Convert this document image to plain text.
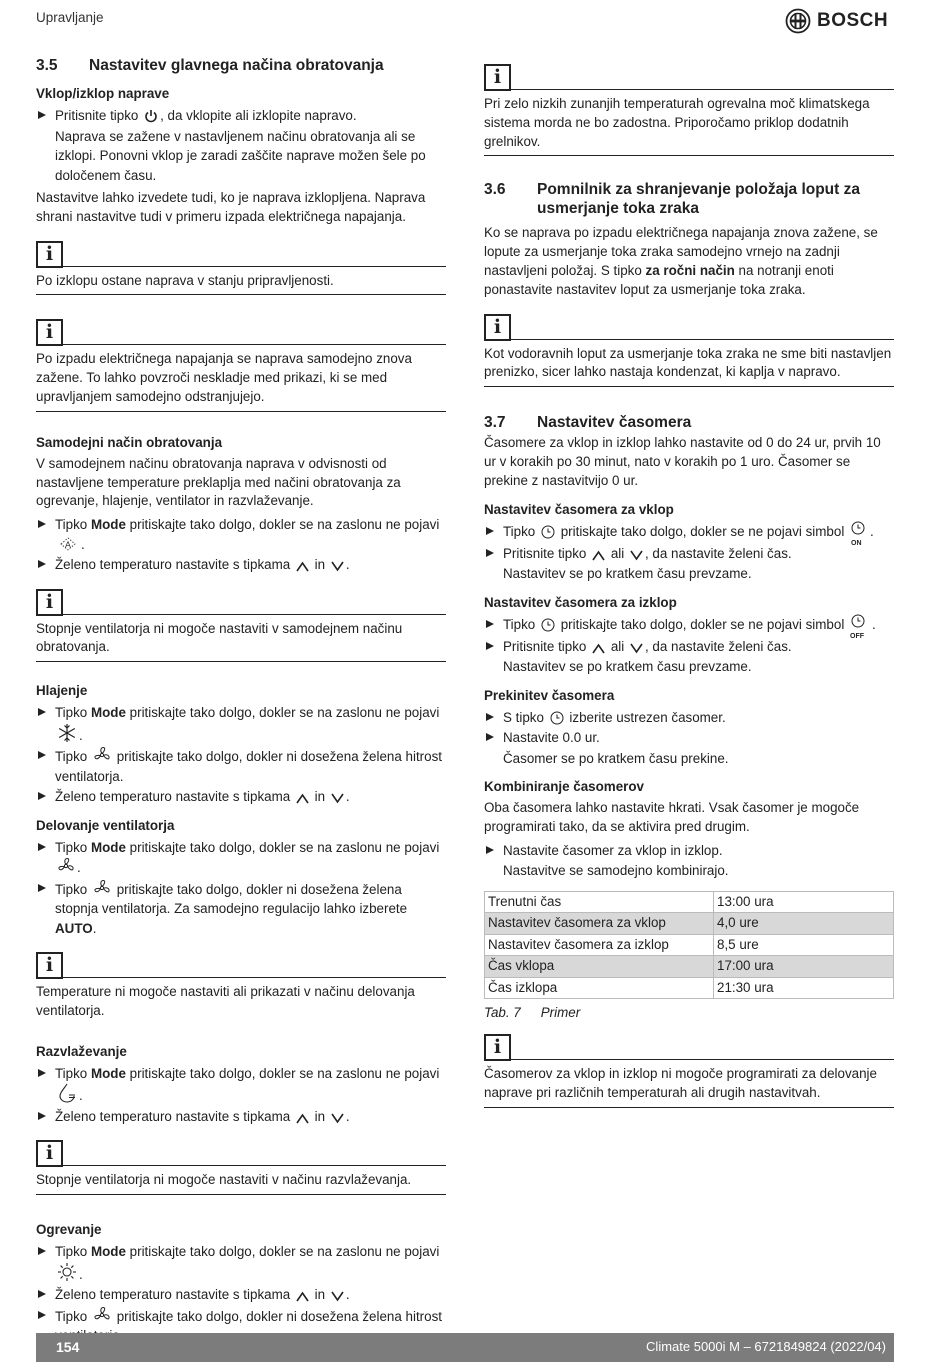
Upravljanje	BOSCH
3.5	Nastavitev glavnega načina obratovanja
Vklop/izklop naprave
Pritisnite tipko , da vklopite ali izklopite napravo.
Naprava se zažene v nastavljenem načinu obratovanja ali se izklopi. Ponovni vklop je zaradi zaščite naprave možen šele po določenem času.

Nastavitve lahko izvedete tudi, ko je naprava izklopljena. Naprava shrani nastavitve tudi v primeru izpada električnega napajanja.

i
Po izklopu ostane naprava v stanju pripravljenosti.
i
Po izpadu električnega napajanja se naprava samodejno znova zažene. To lahko povzroči neskladje med prikazi, ki se med upravljanjem samodejno odstranjujejo.
Samodejni način obratovanja

V samodejnem načinu obratovanja naprava v odvisnosti od nastavljene temperature preklaplja med načini obratovanja za ogrevanje, hlajenje, ventilator in razvlaževanje.

Tipko Mode pritiskajte tako dolgo, dokler se na zaslonu ne pojavi

A .
Želeno temperaturo nastavite s tipkama in .
i
Stopnje ventilatorja ni mogoče nastaviti v samodejnem načinu obratovanja.
Hlajenje
Tipko Mode pritiskajte tako dolgo, dokler se na zaslonu ne pojavi .
Tipko pritiskajte tako dolgo, dokler ni dosežena želena hitrost ventilatorja.
Želeno temperaturo nastavite s tipkama in .
Delovanje ventilatorja
Tipko Mode pritiskajte tako dolgo, dokler se na zaslonu ne pojavi .
Tipko pritiskajte tako dolgo, dokler ni dosežena želena stopnja ventilatorja. Za samodejno regulacijo lahko izberete AUTO.
i
Temperature ni mogoče nastaviti ali prikazati v načinu delovanja ventilatorja.
Razvlaževanje
Tipko Mode pritiskajte tako dolgo, dokler se na zaslonu ne pojavi .
Želeno temperaturo nastavite s tipkama in .
i
Stopnje ventilatorja ni mogoče nastaviti v načinu razvlaževanja.
Ogrevanje
Tipko Mode pritiskajte tako dolgo, dokler se na zaslonu ne pojavi .
Želeno temperaturo nastavite s tipkama in .
Tipko pritiskajte tako dolgo, dokler ni dosežena želena hitrost
i
Pri zelo nizkih zunanjih temperaturah ogrevalna moč klimatskega sistema morda ne bo zadostna. Priporočamo priklop dodatnih grelnikov.
3.6	Pomnilnik za shranjevanje položaja loput za usmerjanje toka zraka

Ko se naprava po izpadu električnega napajanja znova zažene, se lopute za usmerjanje toka zraka samodejno vrnejo na zadnji nastavljeni položaj. S tipko za ročni način na notranji enoti ponastavite nastavitev loput za usmerjanje toka zraka.

i
Kot vodoravnih loput za usmerjanje toka zraka ne sme biti nastavljen prenizko, sicer lahko nastaja kondenzat, ki kaplja v napravo.
3.7	Nastavitev časomera

Časomere za vklop in izklop lahko nastavite od 0 do 24 ur, prvih 10 ur v korakih po 30 minut, nato v korakih po 1 uro. Časomer se prekine z nastavitvijo 0 ur.

Nastavitev časomera za vklop
Tipko pritiskajte tako dolgo, dokler se ne pojavi simbol
ON
.
Pritisnite tipko ali , da nastavite želeni čas.
Nastavitev se po kratkem času prevzame.
Nastavitev časomera za izklop
Tipko pritiskajte tako dolgo, dokler se ne pojavi simbol
OFF
.
Pritisnite tipko ali , da nastavite želeni čas.
Nastavitev se po kratkem času prevzame.
Prekinitev časomera
S tipko izberite ustrezen časomer.
Nastavite 0.0 ur.
Časomer se po kratkem času prekine.
Kombiniranje časomerov

Oba časomera lahko nastavite hkrati. Vsak časomer je mogoče programirati tako, da se aktivira pred drugim.

Nastavite časomer za vklop in izklop.
Nastavitve se samodejno kombinirajo.
Trenutni čas	13:00 ura
Nastavitev časomera za vklop	4,0 ure
Nastavitev časomera za izklop	8,5 ure
Čas vklopa	17:00 ura
Čas izklopa	21:30 ura
Tab. 7 Primer
i
Časomerov za vklop in izklop ni mogoče programirati za delovanje naprave pri različnih temperaturah ali drugih nastavitvah.
154	Climate 5000i M – 6721849824 (2022/04)
